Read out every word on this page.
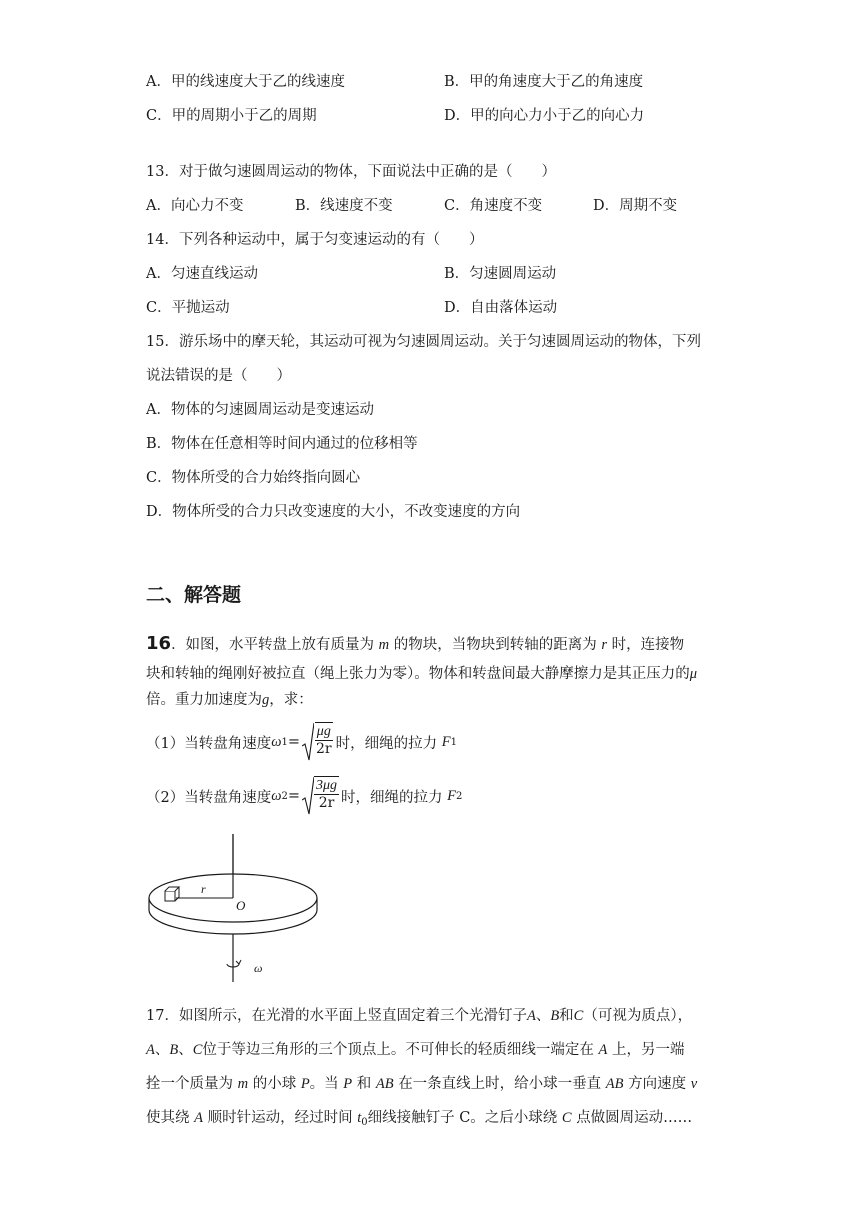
A．甲的线速度大于乙的线速度	B．甲的角速度大于乙的角速度
C．甲的周期小于乙的周期	D．甲的向心力小于乙的向心力
13．对于做匀速圆周运动的物体，下面说法中正确的是（　　）
A．向心力不变	B．线速度不变	C．角速度不变	D．周期不变
14．下列各种运动中，属于匀变速运动的有（　　）
A．匀速直线运动	B．匀速圆周运动
C．平抛运动	D．自由落体运动
15．游乐场中的摩天轮，其运动可视为匀速圆周运动。关于匀速圆周运动的物体，下列
说法错误的是（　　）
A．物体的匀速圆周运动是变速运动
B．物体在任意相等时间内通过的位移相等
C．物体所受的合力始终指向圆心
D．物体所受的合力只改变速度的大小，不改变速度的方向
二、解答题
16．如图，水平转盘上放有质量为 m 的物块，当物块到转轴的距离为 r 时，连接物
块和转轴的绳刚好被拉直（绳上张力为零）。物体和转盘间最大静摩擦力是其正压力的μ
倍。重力加速度为g，求：
（1）当转盘角速度 ω $1 = \frac{\mu g}{2r}$ 时，细绳的拉力
F 1
（2）当转盘角速度 ω $2 = \frac{3\mu g}{2r}$ 时，细绳的拉力
F 2
r
O
ω
17．如图所示，在光滑的水平面上竖直固定着三个光滑钉子A、B和C（可视为质点），
A、B、C位于等边三角形的三个顶点上。不可伸长的轻质细线一端定在 A 上，另一端
拴一个质量为 m 的小球 P。当 P 和 AB 在一条直线上时，给小球一垂直 AB 方向速度 v
使其绕 A 顺时针运动，经过时间 $t_0$细线接触钉子 C。之后小球绕 C 点做圆周运动……
